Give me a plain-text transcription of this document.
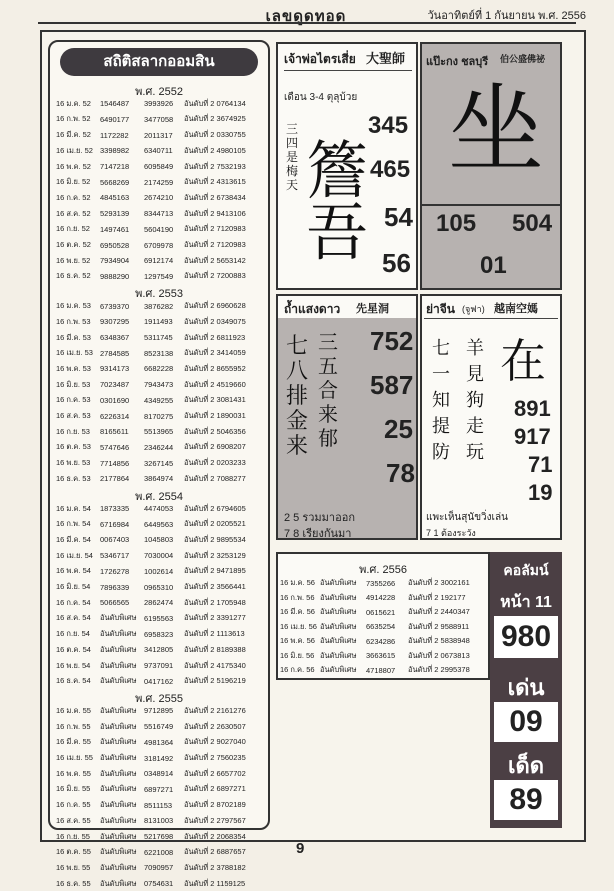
เลขดูดทอด	วันอาทิตย์ที่ 1 กันยายน พ.ศ. 2556
สถิติสลากออมสิน
พ.ศ. 2552
16 ม.ค. 52	1546487	3993926	อันดับที่ 2 0764134
16 ก.พ. 52	6490177	3477058	อันดับที่ 2 3674925
16 มี.ค. 52	1172282	2011317	อันดับที่ 2 0330755
16 เม.ย. 52 3398982	6340711	อันดับที่ 2 4980105
16 พ.ค. 52	7147218	6095849	อันดับที่ 2 7532193
16 มิ.ย. 52	5668269	2174259	อันดับที่ 2 4313615
16 ก.ค. 52	4845163	2674210	อันดับที่ 2 6738434
16 ส.ค. 52	5293139	8344713	อันดับที่ 2 9413106
16 ก.ย. 52	1497461	5604190	อันดับที่ 2 7120983
16 ต.ค. 52	6950528	6709978	อันดับที่ 2 7120983
16 พ.ย. 52	7934904	6912174	อันดับที่ 2 5653142
16 ธ.ค. 52	9888290	1297549	อันดับที่ 2 7200883
พ.ศ. 2553
16 ม.ค. 53	6739370	3876282	อันดับที่ 2 6960628
16 ก.พ. 53	9307295	1911493	อันดับที่ 2 0349075
16 มี.ค. 53	6348367	5311745	อันดับที่ 2 6811923
16 เม.ย. 53 2784585	8523138	อันดับที่ 2 3414059
16 พ.ค. 53	9314173	6682228	อันดับที่ 2 8655952
16 มิ.ย. 53	7023487	7943473	อันดับที่ 2 4519660
16 ก.ค. 53	0301690	4349255	อันดับที่ 2 3081431
16 ส.ค. 53	6226314	8170275	อันดับที่ 2 1890031
16 ก.ย. 53	8165611	5513965	อันดับที่ 2 5046356
16 ต.ค. 53	5747646	2346244	อันดับที่ 2 6908207
16 พ.ย. 53	7714856	3267145	อันดับที่ 2 0203233
16 ธ.ค. 53	2177864	3864974	อันดับที่ 2 7088277
พ.ศ. 2554
16 ม.ค. 54	1873335	4474053	อันดับที่ 2 6794605
16 ก.พ. 54	6716984	6449563	อันดับที่ 2 0205521
16 มี.ค. 54	0067403	1045803	อันดับที่ 2 9895534
16 เม.ย. 54 5346717	7030004	อันดับที่ 2 3253129
16 พ.ค. 54	1726278	1002614	อันดับที่ 2 9471895
16 มิ.ย. 54	7896339	0965310	อันดับที่ 2 3566441
16 ก.ค. 54	5066565	2862474	อันดับที่ 2 1705948
16 ส.ค. 54	อันดับพิเศษ	6195563	อันดับที่ 2 3391277
16 ก.ย. 54	อันดับพิเศษ	6958323	อันดับที่ 2 1113613
16 ต.ค. 54	อันดับพิเศษ	3412805	อันดับที่ 2 8189388
16 พ.ย. 54	อันดับพิเศษ	9737091	อันดับที่ 2 4175340
16 ธ.ค. 54	อันดับพิเศษ	0417162	อันดับที่ 2 5196219
พ.ศ. 2555
16 ม.ค. 55	อันดับพิเศษ	9712895	อันดับที่ 2 2161276
16 ก.พ. 55	อันดับพิเศษ	5516749	อันดับที่ 2 2630507
16 มี.ค. 55	อันดับพิเศษ	4981364	อันดับที่ 2 9027040
16 เม.ย. 55 อันดับพิเศษ	3181492	อันดับที่ 2 7560235
16 พ.ค. 55	อันดับพิเศษ	0348914	อันดับที่ 2 6657702
16 มิ.ย. 55	อันดับพิเศษ	6897271	อันดับที่ 2 6897271
16 ก.ค. 55	อันดับพิเศษ	8511153	อันดับที่ 2 8702189
16 ส.ค. 55	อันดับพิเศษ	8131003	อันดับที่ 2 2797567
16 ก.ย. 55	อันดับพิเศษ	5217698	อันดับที่ 2 2068354
16 ต.ค. 55	อันดับพิเศษ	6221008	อันดับที่ 2 6887657
16 พ.ย. 55	อันดับพิเศษ	7090957	อันดับที่ 2 3788182
16 ธ.ค. 55	อันดับพิเศษ	0754631	อันดับที่ 2 1159125
เจ้าพ่อไตรเสี่ย 大聖師
เดือน 3-4 ตุลุบ้วย
三四是梅天 簷
吾
345
465
54
56
แป๊ะกง ชลบุรี 伯公盛佛祕
坐
105 504
01
ถ้ำแสงดาว 先星洞
七八排金来
三五合来郁
752
587
25
78
2 5 รวมมาออก
7 8 เรียงกันมา
ย่าจีน (จูฟา) 越南空媽
七一知提防
羊見狗走玩
在
891
917
71
19
แพะเห็นสุนัขวิ่งเล่น
7 1 ต้องระวัง
พ.ศ. 2556
16 ม.ค. 56 อันดับพิเศษ	7355266	อันดับที่ 2 3002161
16 ก.พ. 56 อันดับพิเศษ	4914228	อันดับที่ 2 192177
16 มี.ค. 56 อันดับพิเศษ	0615621	อันดับที่ 2 2440347
16 เม.ย. 56 อันดับพิเศษ	6635254	อันดับที่ 2 9588911
16 พ.ค. 56 อันดับพิเศษ	6234286	อันดับที่ 2 5838948
16 มิ.ย. 56 อันดับพิเศษ	3663615	อันดับที่ 2 0673813
16 ก.ค. 56 อันดับพิเศษ	4718807	อันดับที่ 2 2995378
คอลัมน์
หน้า 11
980
เด่น
09
เด็ด
89
9
